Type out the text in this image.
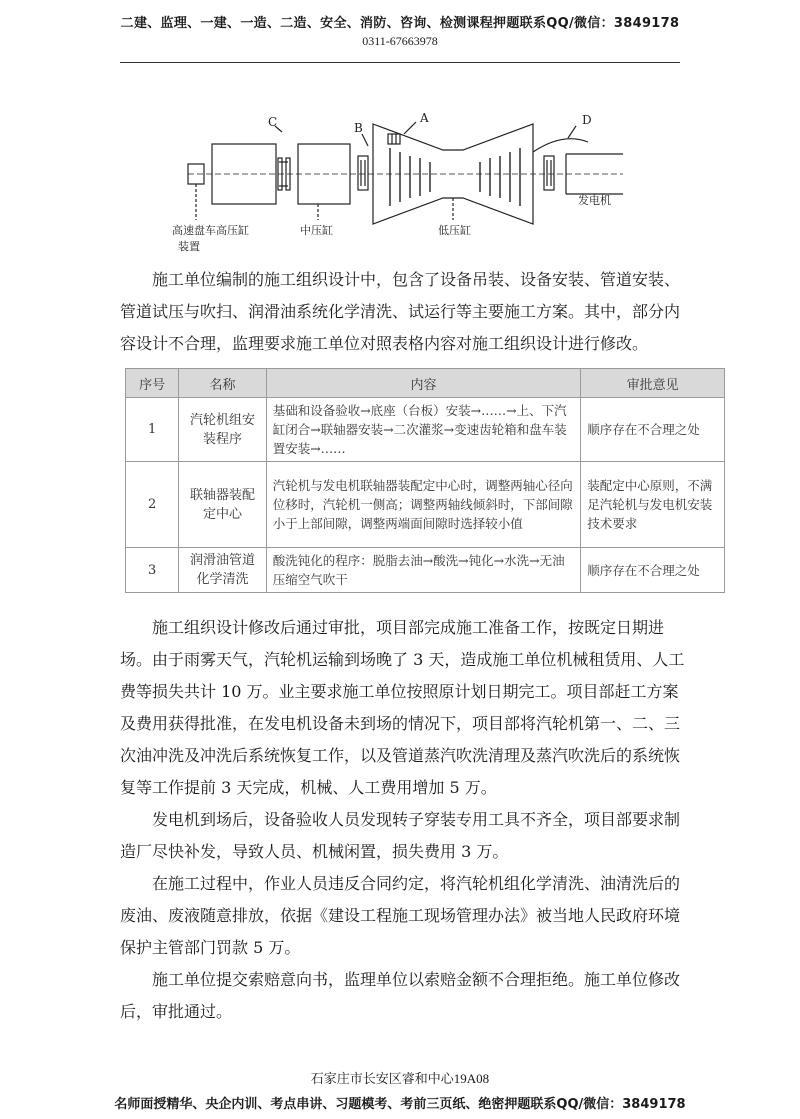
二建、监理、一建、一造、二造、安全、消防、咨询、检测课程押题联系QQ/微信：3849178
0311-67663978
C	B
A	D
高速盘车高压缸
装置
中压缸	低压缸
发电机

施工单位编制的施工组织设计中，包含了设备吊装、设备安装、管道安装、管道试压与吹扫、润滑油系统化学清洗、试运行等主要施工方案。其中，部分内容设计不合理，监理要求施工单位对照表格内容对施工组织设计进行修改。

序号	名称	内容	审批意见
1	汽轮机组安装程序	基础和设备验收→底座（台板）安装→……→上、下汽缸闭合→联轴器安装→二次灌浆→变速齿轮箱和盘车装置安装→……	顺序存在不合理之处
2	联轴器装配定中心	汽轮机与发电机联轴器装配定中心时，调整两轴心径向位移时，汽轮机一侧高；调整两轴线倾斜时，下部间隙小于上部间隙，调整两端面间隙时选择较小值	装配定中心原则，不满足汽轮机与发电机安装技术要求
3	润滑油管道化学清洗	酸洗钝化的程序：脱脂去油→酸洗→钝化→水洗→无油压缩空气吹干	顺序存在不合理之处

施工组织设计修改后通过审批，项目部完成施工准备工作，按既定日期进场。 由于雨雾天气，汽轮机运输到场晚了 3 天，造成施工单位机械租赁用、人工费等损失共计 10 万。业主要求施工单位按照原计划日期完工。项目部赶工方案及费用获得批准，在发电机设备未到场的情况下，项目部将汽轮机第一、二、三次油冲洗及冲洗后系统恢复工作，以及管道蒸汽吹洗清理及蒸汽吹洗后的系统恢复等工作提前 3 天完成，机械、人工费用增加 5 万。

发电机到场后，设备验收人员发现转子穿装专用工具不齐全，项目部要求制造厂尽快补发，导致人员、机械闲置，损失费用 3 万。

在施工过程中，作业人员违反合同约定，将汽轮机组化学清洗、油清洗后的废油、废液随意排放，依据《建设工程施工现场管理办法》被当地人民政府环境保护主管部门罚款 5 万。

施工单位提交索赔意向书，监理单位以索赔金额不合理拒绝。施工单位修改后，审批通过。

石家庄市长安区睿和中心19A08
名师面授精华、央企内训、考点串讲、习题模考、考前三页纸、绝密押题联系QQ/微信：3849178
